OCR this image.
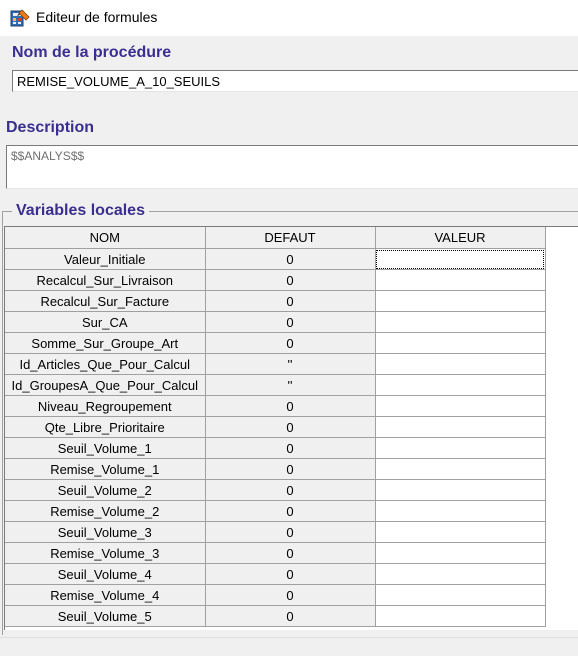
Editeur de formules
Nom de la procédure
REMISE_VOLUME_A_10_SEUILS
Description
$$ANALYS$$
Variables locales
NOM	DEFAUT	VALEUR
Valeur_Initiale	0	
Recalcul_Sur_Livraison	0	
Recalcul_Sur_Facture	0	
Sur_CA	0	
Somme_Sur_Groupe_Art	0	
Id_Articles_Que_Pour_Calcul	''	
Id_GroupesA_Que_Pour_Calcul	''	
Niveau_Regroupement	0	
Qte_Libre_Prioritaire	0	
Seuil_Volume_1	0	
Remise_Volume_1	0	
Seuil_Volume_2	0	
Remise_Volume_2	0	
Seuil_Volume_3	0	
Remise_Volume_3	0	
Seuil_Volume_4	0	
Remise_Volume_4	0	
Seuil_Volume_5	0	
